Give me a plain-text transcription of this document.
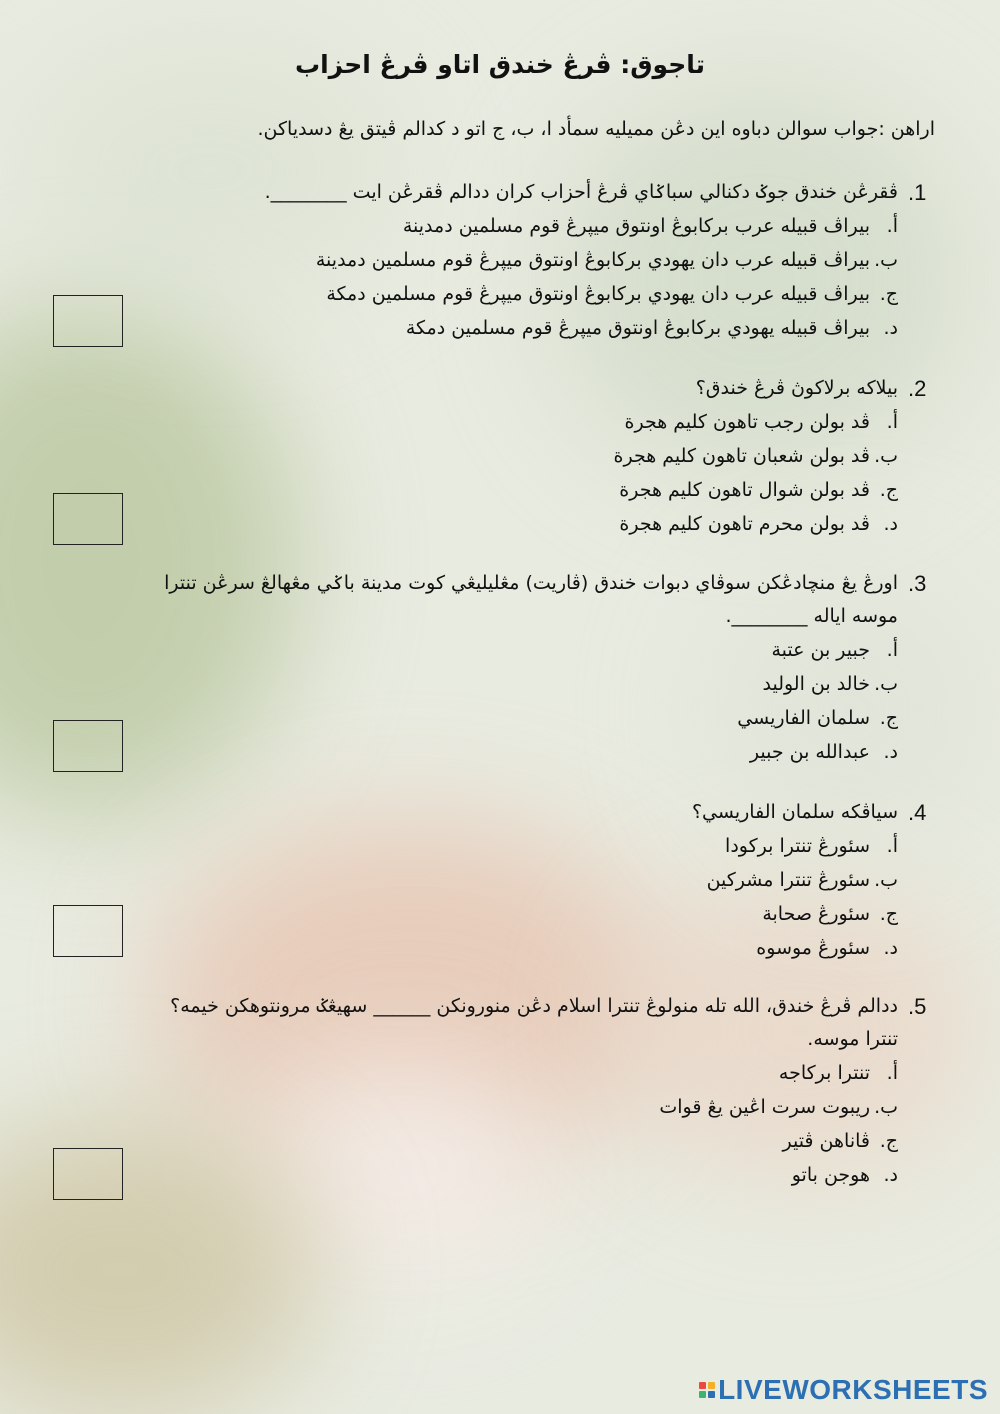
تاجوق: ڤرڠ خندق اتاو ڤرڠ احزاب
اراهن :جواب سوالن دباوه اين دڠن مميليه سمأد ا، ب، ج اتو د كدالم ڤيتق يڠ دسدياكن.
1.
ڤقرڠن خندق جوݢ دكنالي سباݢاي ڤرڠ أحزاب كران ددالم ڤقرڠن ايت ________.
أ.
بيراڤ قبيله عرب بركابوڠ اونتوق ميڽرڠ قوم مسلمين دمدينة
ب.
بيراڤ قبيله عرب دان يهودي بركابوڠ اونتوق ميڽرڠ قوم مسلمين دمدينة
ج.
بيراڤ قبيله عرب دان يهودي بركابوڠ اونتوق ميڽرڠ قوم مسلمين دمكة
د.
بيراڤ قبيله يهودي بركابوڠ اونتوق ميڽرڠ قوم مسلمين دمكة
2.
بيلاكه برلاكوڽ ڤرڠ خندق؟
أ.
ڤد بولن رجب تاهون كليم هجرة
ب.
ڤد بولن شعبان تاهون كليم هجرة
ج.
ڤد بولن شوال تاهون كليم هجرة
د.
ڤد بولن محرم تاهون كليم هجرة
3.
اورڠ يڠ منچادڠكن سوڤاي دبوات خندق (ڤاريت) مڠليليڠي كوت مدينة باݢي مڠهالڠ سرڠن تنترا
موسه اياله ________.
أ.
جبير بن عتبة
ب.
خالد بن الوليد
ج.
سلمان الفاريسي
د.
عبدالله بن جبير
4.
سياڤكه سلمان الفاريسي؟
أ.
سئورڠ تنترا بركودا
ب.
سئورڠ تنترا مشركين
ج.
سئورڠ صحابة
د.
سئورڠ موسوه
5.
ددالم ڤرڠ خندق، الله تله منولوڠ تنترا اسلام دڠن منورونكن ______ سهيڠݢ مرونتوهكن خيمه؟
تنترا موسه.
أ.
تنترا بركاجه
ب.
ريبوت سرت اڠين يڠ قوات
ج.
ڤاناهن ڤتير
د.
هوجن باتو
LIVEWORKSHEETS
